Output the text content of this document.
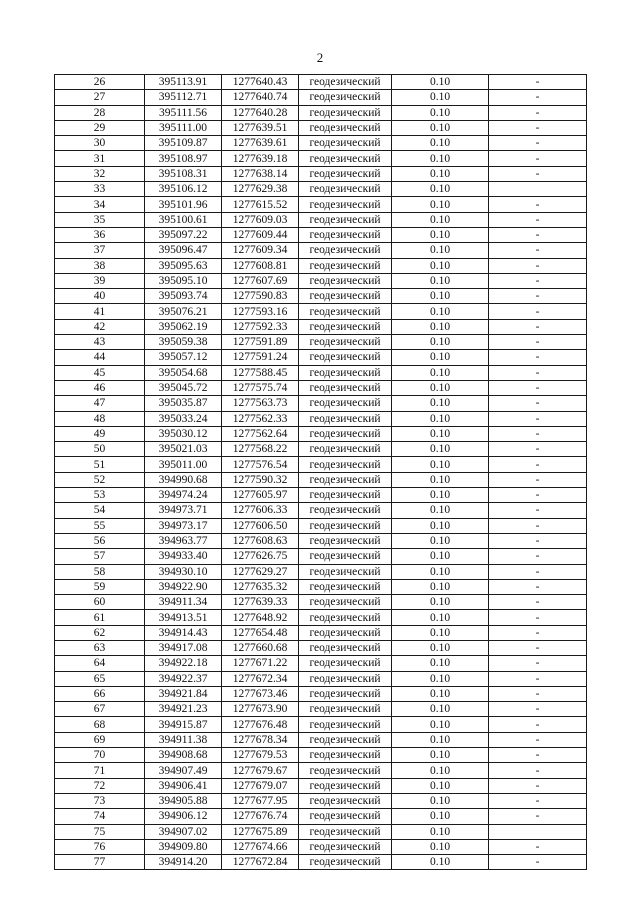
2
26	395113.91	1277640.43	геодезический	0.10	-
27	395112.71	1277640.74	геодезический	0.10	-
28	395111.56	1277640.28	геодезический	0.10	-
29	395111.00	1277639.51	геодезический	0.10	-
30	395109.87	1277639.61	геодезический	0.10	-
31	395108.97	1277639.18	геодезический	0.10	-
32	395108.31	1277638.14	геодезический	0.10	-
33	395106.12	1277629.38	геодезический	0.10	
34	395101.96	1277615.52	геодезический	0.10	-
35	395100.61	1277609.03	геодезический	0.10	-
36	395097.22	1277609.44	геодезический	0.10	-
37	395096.47	1277609.34	геодезический	0.10	-
38	395095.63	1277608.81	геодезический	0.10	-
39	395095.10	1277607.69	геодезический	0.10	-
40	395093.74	1277590.83	геодезический	0.10	-
41	395076.21	1277593.16	геодезический	0.10	-
42	395062.19	1277592.33	геодезический	0.10	-
43	395059.38	1277591.89	геодезический	0.10	-
44	395057.12	1277591.24	геодезический	0.10	-
45	395054.68	1277588.45	геодезический	0.10	-
46	395045.72	1277575.74	геодезический	0.10	-
47	395035.87	1277563.73	геодезический	0.10	-
48	395033.24	1277562.33	геодезический	0.10	-
49	395030.12	1277562.64	геодезический	0.10	-
50	395021.03	1277568.22	геодезический	0.10	-
51	395011.00	1277576.54	геодезический	0.10	-
52	394990.68	1277590.32	геодезический	0.10	-
53	394974.24	1277605.97	геодезический	0.10	-
54	394973.71	1277606.33	геодезический	0.10	-
55	394973.17	1277606.50	геодезический	0.10	-
56	394963.77	1277608.63	геодезический	0.10	-
57	394933.40	1277626.75	геодезический	0.10	-
58	394930.10	1277629.27	геодезический	0.10	-
59	394922.90	1277635.32	геодезический	0.10	-
60	394911.34	1277639.33	геодезический	0.10	-
61	394913.51	1277648.92	геодезический	0.10	-
62	394914.43	1277654.48	геодезический	0.10	-
63	394917.08	1277660.68	геодезический	0.10	-
64	394922.18	1277671.22	геодезический	0.10	-
65	394922.37	1277672.34	геодезический	0.10	-
66	394921.84	1277673.46	геодезический	0.10	-
67	394921.23	1277673.90	геодезический	0.10	-
68	394915.87	1277676.48	геодезический	0.10	-
69	394911.38	1277678.34	геодезический	0.10	-
70	394908.68	1277679.53	геодезический	0.10	-
71	394907.49	1277679.67	геодезический	0.10	-
72	394906.41	1277679.07	геодезический	0.10	-
73	394905.88	1277677.95	геодезический	0.10	-
74	394906.12	1277676.74	геодезический	0.10	-
75	394907.02	1277675.89	геодезический	0.10	
76	394909.80	1277674.66	геодезический	0.10	-
77	394914.20	1277672.84	геодезический	0.10	-
